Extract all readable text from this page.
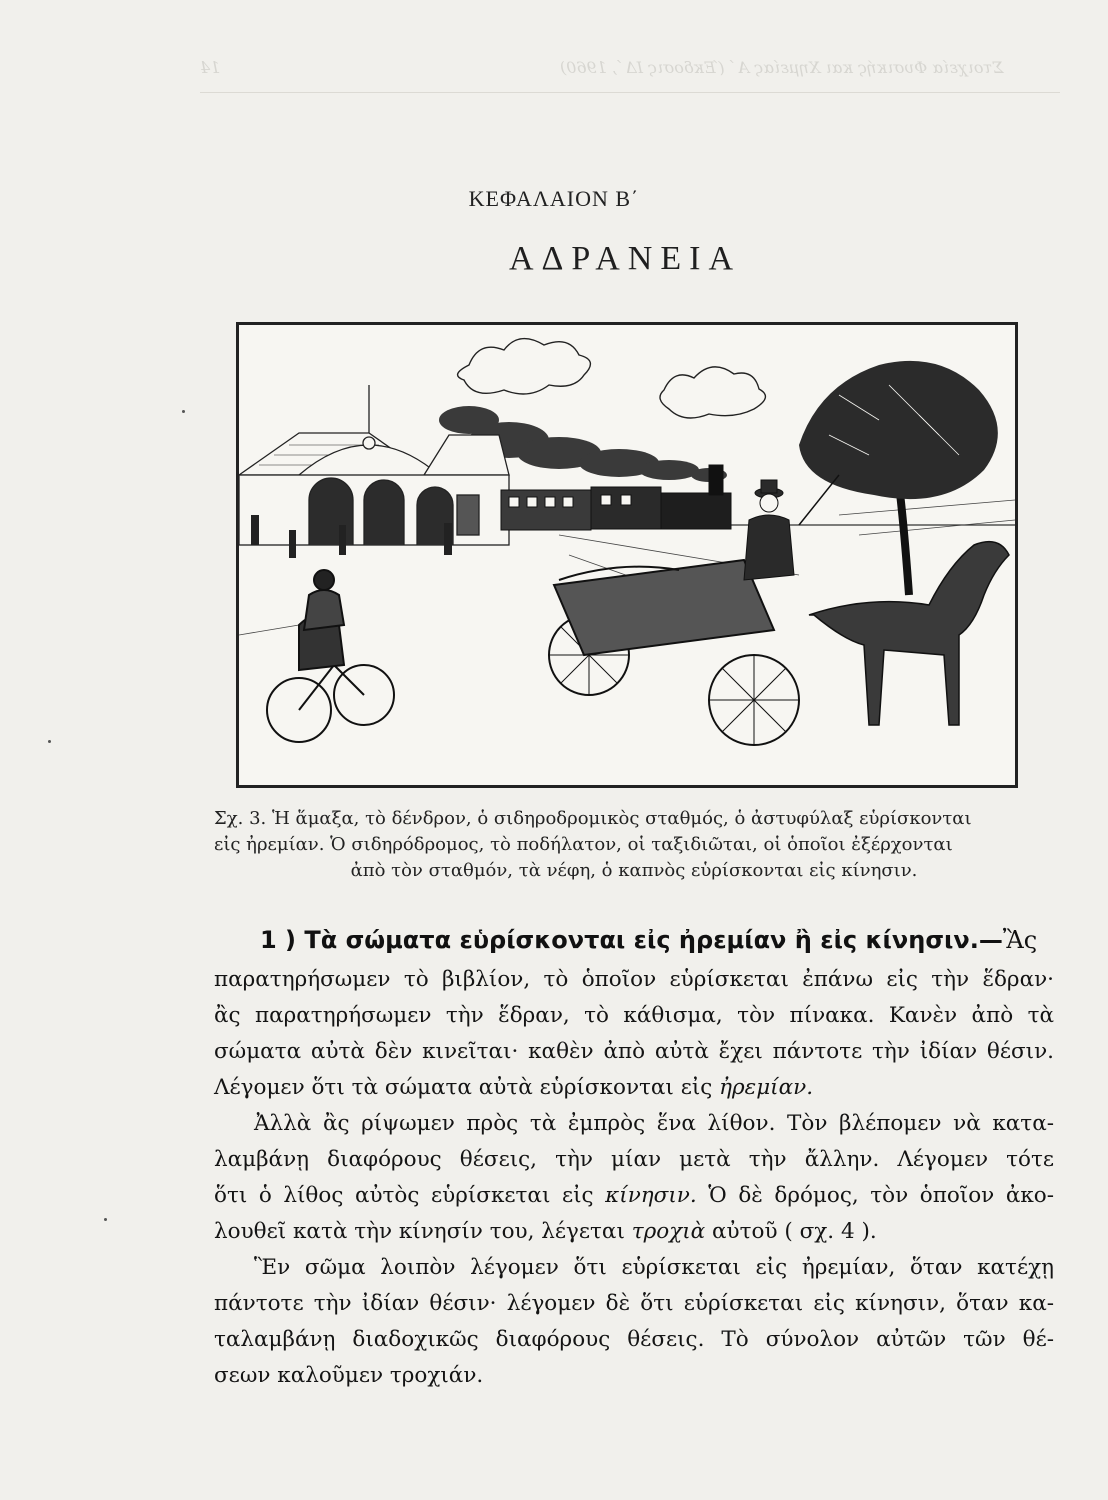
Στοιχεία Φυσικής και Χημείας Α΄ (Έκδοσις ΙΔ΄, 1960)
14
ΚΕΦΑΛΑΙΟΝ Β΄
ΑΔΡΑΝΕΙΑ
Σχ. 3. Ἡ ἅμαξα, τὸ δένδρον, ὁ σιδηροδρομικὸς σταθμός, ὁ ἀστυφύλαξ εὑρίσκονται
εἰς ἠρεμίαν. Ὁ σιδηρόδρομος, τὸ ποδήλατον, οἱ ταξιδιῶται, οἱ ὁποῖοι ἐξέρχονται
ἀπὸ τὸν σταθμόν, τὰ νέφη, ὁ καπνὸς εὑρίσκονται εἰς κίνησιν.
1 ) Τὰ σώματα εὑρίσκονται εἰς ἠρεμίαν ἢ εἰς κίνησιν.—Ἂς
παρατηρήσωμεν τὸ βιβλίον, τὸ ὁποῖον εὑρίσκεται ἐπάνω εἰς τὴν ἕδραν·
ἂς παρατηρήσωμεν τὴν ἕδραν, τὸ κάθισμα, τὸν πίνακα. Κανὲν ἀπὸ τὰ
σώματα αὐτὰ δὲν κινεῖται· καθὲν ἀπὸ αὐτὰ ἔχει πάντοτε τὴν ἰδίαν θέσιν.
Λέγομεν ὅτι τὰ σώματα αὐτὰ εὑρίσκονται εἰς ἠρεμίαν.
Ἀλλὰ ἂς ρίψωμεν πρὸς τὰ ἐμπρὸς ἕνα λίθον. Τὸν βλέπομεν νὰ κατα-
λαμβάνῃ διαφόρους θέσεις, τὴν μίαν μετὰ τὴν ἄλλην. Λέγομεν τότε
ὅτι ὁ λίθος αὐτὸς εὑρίσκεται εἰς κίνησιν. Ὁ δὲ δρόμος, τὸν ὁποῖον ἀκο-
λουθεῖ κατὰ τὴν κίνησίν του, λέγεται τροχιὰ αὐτοῦ ( σχ. 4 ).
Ἓν σῶμα λοιπὸν λέγομεν ὅτι εὑρίσκεται εἰς ἠρεμίαν, ὅταν κατέχῃ
πάντοτε τὴν ἰδίαν θέσιν· λέγομεν δὲ ὅτι εὑρίσκεται εἰς κίνησιν, ὅταν κα-
ταλαμβάνῃ διαδοχικῶς διαφόρους θέσεις. Τὸ σύνολον αὐτῶν τῶν θέ-
σεων καλοῦμεν τροχιάν.
